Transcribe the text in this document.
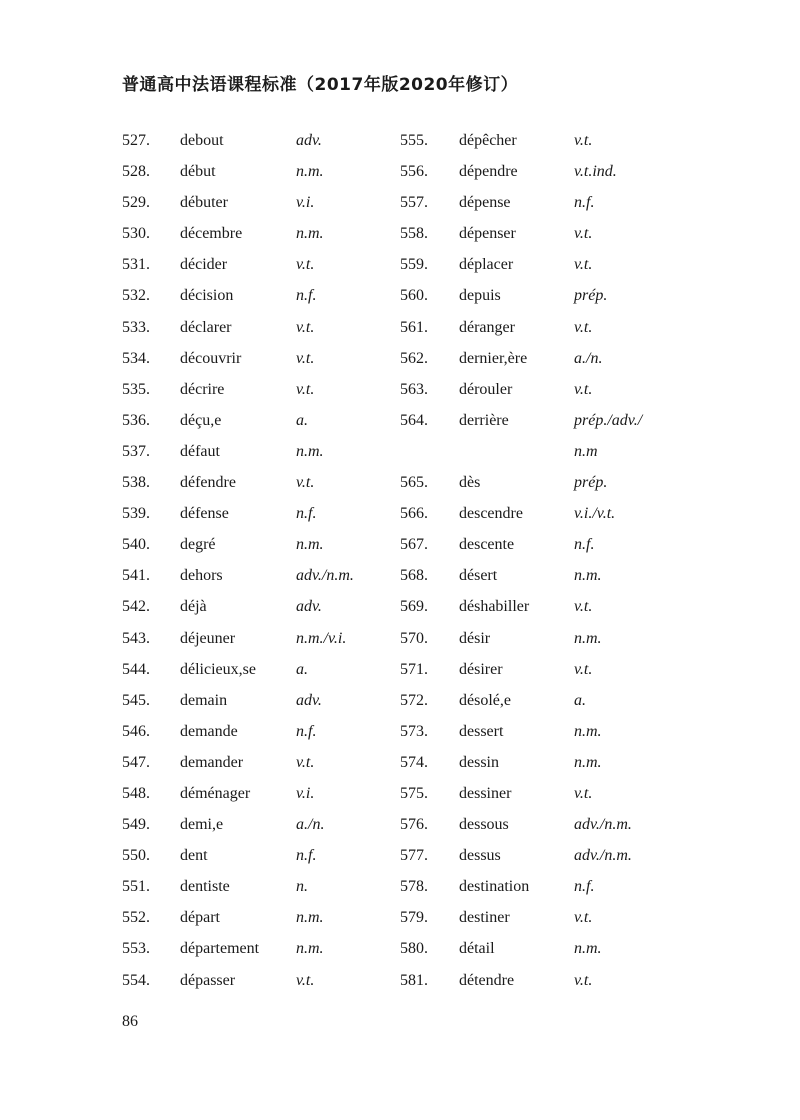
普通高中法语课程标准（2017年版2020年修订）
527. debout	adv.
528. début	n.m.
529. débuter	v.i.
530. décembre	n.m.
531. décider	v.t.
532. décision	n.f.
533. déclarer	v.t.
534. découvrir	v.t.
535. décrire	v.t.
536. déçu,e	a.
537. défaut	n.m.
538. défendre	v.t.
539. défense	n.f.
540. degré	n.m.
541. dehors	adv./n.m.
542. déjà	adv.
543. déjeuner	n.m./v.i.
544. délicieux,se	a.
545. demain	adv.
546. demande	n.f.
547. demander	v.t.
548. déménager	v.i.
549. demi,e	a./n.
550. dent	n.f.
551. dentiste	n.
552. départ	n.m.
553. département n.m.
554. dépasser	v.t.
555. dépêcher	v.t.
556. dépendre	v.t.ind.
557. dépense	n.f.
558. dépenser	v.t.
559. déplacer	v.t.
560. depuis	prép.
561. déranger	v.t.
562. dernier,ère	a./n.
563. dérouler	v.t.
564. derrière	prép./adv./
n.m
565. dès	prép.
566. descendre	v.i./v.t.
567. descente	n.f.
568. désert	n.m.
569. déshabiller	v.t.
570. désir	n.m.
571. désirer	v.t.
572. désolé,e	a.
573. dessert	n.m.
574. dessin	n.m.
575. dessiner	v.t.
576. dessous	adv./n.m.
577. dessus	adv./n.m.
578. destination	n.f.
579. destiner	v.t.
580. détail	n.m.
581. détendre	v.t.
86
